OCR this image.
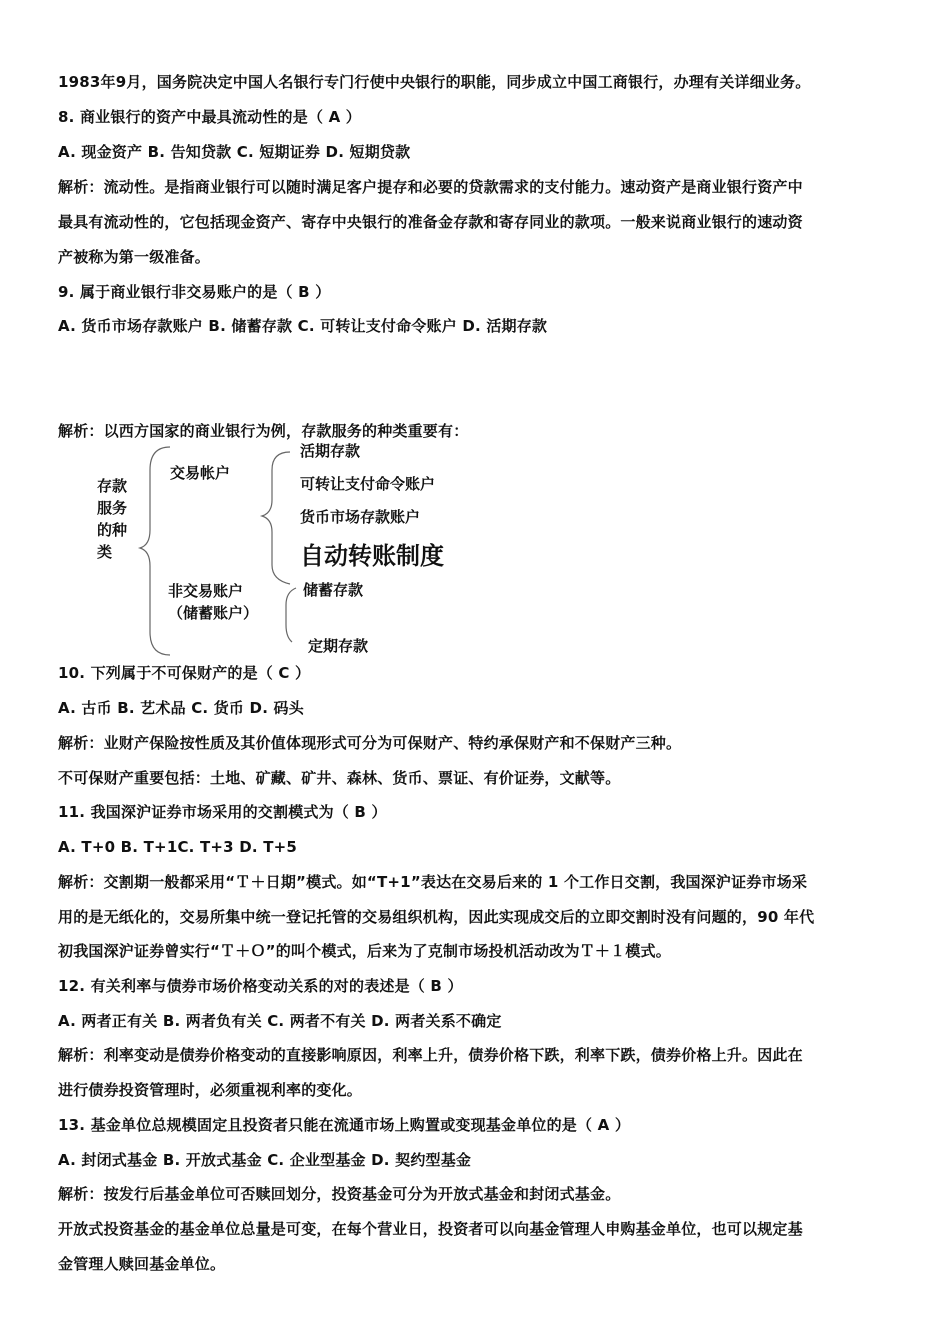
1983年9月，国务院决定中国人名银行专门行使中央银行的职能，同步成立中国工商银行，办理有关详细业务。
8. 商业银行的资产中最具流动性的是（ A ）
A. 现金资产 B. 告知贷款 C. 短期证券 D. 短期贷款
解析：流动性。是指商业银行可以随时满足客户提存和必要的贷款需求的支付能力。速动资产是商业银行资产中
最具有流动性的，它包括现金资产、寄存中央银行的准备金存款和寄存同业的款项。一般来说商业银行的速动资
产被称为第一级准备。
9. 属于商业银行非交易账户的是（ B ）
A. 货币市场存款账户 B. 储蓄存款 C. 可转让支付命令账户 D. 活期存款
解析：以西方国家的商业银行为例，存款服务的种类重要有：
存款服务的种类
交易帐户
非交易账户
（储蓄账户）
活期存款
可转让支付命令账户
货币市场存款账户
自动转账制度
储蓄存款
定期存款
10. 下列属于不可保财产的是（ C ）
A. 古币 B. 艺术品 C. 货币 D. 码头
解析：业财产保险按性质及其价值体现形式可分为可保财产、特约承保财产和不保财产三种。
不可保财产重要包括：土地、矿藏、矿井、森林、货币、票证、有价证券，文献等。
11. 我国深沪证券市场采用的交割模式为（ B ）
A. T+0 B. T+1C. T+3 D. T+5
解析：交割期一般都采用“Ｔ＋日期”模式。如“T+1”表达在交易后来的 1 个工作日交割，我国深沪证券市场采
用的是无纸化的，交易所集中统一登记托管的交易组织机构，因此实现成交后的立即交割时没有问题的，90 年代
初我国深沪证券曾实行“Ｔ＋Ｏ”的叫个模式，后来为了克制市场投机活动改为Ｔ＋１模式。
12. 有关利率与债券市场价格变动关系的对的表述是（ B ）
A. 两者正有关 B. 两者负有关 C. 两者不有关 D. 两者关系不确定
解析：利率变动是债券价格变动的直接影响原因，利率上升，债券价格下跌，利率下跌，债券价格上升。因此在
进行债券投资管理时，必须重视利率的变化。
13. 基金单位总规模固定且投资者只能在流通市场上购置或变现基金单位的是（ A ）
A. 封闭式基金 B. 开放式基金 C. 企业型基金 D. 契约型基金
解析：按发行后基金单位可否赎回划分，投资基金可分为开放式基金和封闭式基金。
开放式投资基金的基金单位总量是可变，在每个营业日，投资者可以向基金管理人申购基金单位，也可以规定基
金管理人赎回基金单位。
